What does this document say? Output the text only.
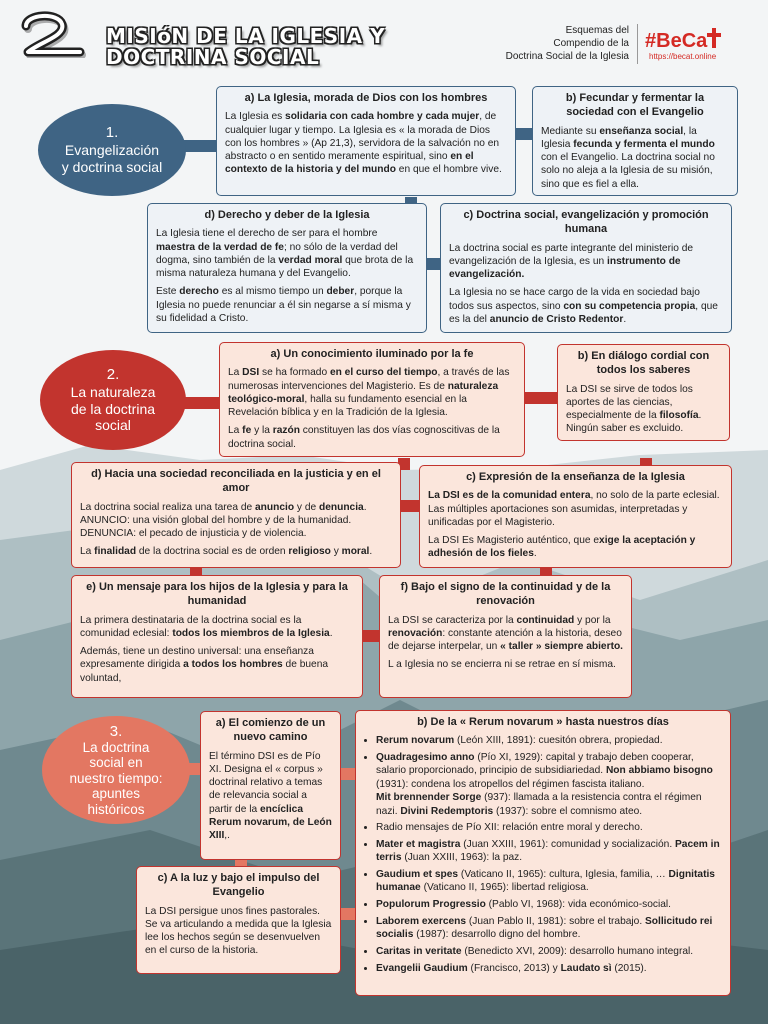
MISIóN DE LA IGLESIA Y
DOCTRINA SOCIAL
Esquemas del
Compendio de la
Doctrina Social de la Iglesia
#BeCa
https://becat.online
1.
Evangelización
y doctrina social
a) La Iglesia, morada de Dios con los hombres

La Iglesia es solidaria con cada hombre y cada mujer, de cualquier lugar y tiempo. La Iglesia es « la morada de Dios con los hombres » (Ap 21,3), servidora de la salvación no en abstracto o en sentido meramente espiritual, sino en el contexto de la historia y del mundo en que el hombre vive.

b) Fecundar y fermentar la sociedad con el Evangelio

Mediante su enseñanza social, la Iglesia fecunda y fermenta el mundo con el Evangelio. La doctrina social no solo no aleja a la Iglesia de su misión, sino que es fiel a ella.

d) Derecho y deber de la Iglesia

La Iglesia tiene el derecho de ser para el hombre maestra de la verdad de fe; no sólo de la verdad del dogma, sino también de la verdad moral que brota de la misma naturaleza humana y del Evangelio.

Este derecho es al mismo tiempo un deber, porque la Iglesia no puede renunciar a él sin negarse a sí misma y su fidelidad a Cristo.

c) Doctrina social, evangelización y promoción humana

La doctrina social es parte integrante del ministerio de evangelización de la Iglesia, es un instrumento de evangelización.

La Iglesia no se hace cargo de la vida en sociedad bajo todos sus aspectos, sino con su competencia propia, que es la del anuncio de Cristo Redentor.

2.
La naturaleza
de la doctrina
social
a) Un conocimiento iluminado por la fe

La DSI se ha formado en el curso del tiempo, a través de las numerosas intervenciones del Magisterio. Es de naturaleza teológico-moral, halla su fundamento esencial en la Revelación bíblica y en la Tradición de la Iglesia.

La fe y la razón constituyen las dos vías cognoscitivas de la doctrina social.

b) En diálogo cordial con todos los saberes

La DSI se sirve de todos los aportes de las ciencias, especialmente de la filosofía. Ningún saber es excluido.

d) Hacia una sociedad reconciliada en la justicia y en el amor

La doctrina social realiza una tarea de anuncio y de denuncia.

ANUNCIO: una visión global del hombre y de la humanidad.

DENUNCIA: el pecado de injusticia y de violencia.

La finalidad de la doctrina social es de orden religioso y moral.

c) Expresión de la enseñanza de la Iglesia

La DSI es de la comunidad entera, no solo de la parte eclesial. Las múltiples aportaciones son asumidas, interpretadas y unificadas por el Magisterio.

La DSI Es Magisterio auténtico, que exige la aceptación y adhesión de los fieles.

e) Un mensaje para los hijos de la Iglesia y para la humanidad

La primera destinataria de la doctrina social es la comunidad eclesial: todos los miembros de la Iglesia.

Además, tiene un destino universal: una enseñanza expresamente dirigida a todos los hombres de buena voluntad,

f) Bajo el signo de la continuidad y de la renovación

La DSI se caracteriza por la continuidad y por la renovación: constante atención a la historia, deseo de dejarse interpelar, un « taller » siempre abierto.

L a Iglesia no se encierra ni se retrae en sí misma.

3.
La doctrina
social en
nuestro tiempo:
apuntes
históricos
a) El comienzo de un nuevo camino

El término DSI es de Pío XI. Designa el « corpus » doctrinal relativo a temas de relevancia social a partir de la encíclica Rerum novarum, de León XIII,.

c) A la luz y bajo el impulso del Evangelio

La DSI persigue unos fines pastorales. Se va articulando a medida que la Iglesia lee los hechos según se desenvuelven en el curso de la historia.

b) De la « Rerum novarum » hasta nuestros días
• Rerum novarum (León XIII, 1891): cuesitón obrera, propiedad.
• Quadragesimo anno (Pío XI, 1929): capital y trabajo deben cooperar, salario proporcionado, principio de subsidiariedad. Non abbiamo bisogno (1931): condena los atropellos del régimen fascista italiano.
Mit brennender Sorge (937): llamada a la resistencia contra el régimen nazi. Divini Redemptoris (1937): sobre el comnismo ateo.
• Radio mensajes de Pío XII: relación entre moral y derecho.
• Mater et magistra (Juan XXIII, 1961): comunidad y socialización. Pacem in terris (Juan XXIII, 1963): la paz.
• Gaudium et spes (Vaticano II, 1965): cultura, Iglesia, familia, … Dignitatis humanae (Vaticano II, 1965): libertad religiosa.
• Populorum Progressio (Pablo VI, 1968): vida económico-social.
• Laborem exercens (Juan Pablo II, 1981): sobre el trabajo. Sollicitudo rei socialis (1987): desarrollo digno del hombre.
• Caritas in veritate (Benedicto XVI, 2009): desarrollo humano integral.
• Evangelii Gaudium (Francisco, 2013) y Laudato sì (2015).
